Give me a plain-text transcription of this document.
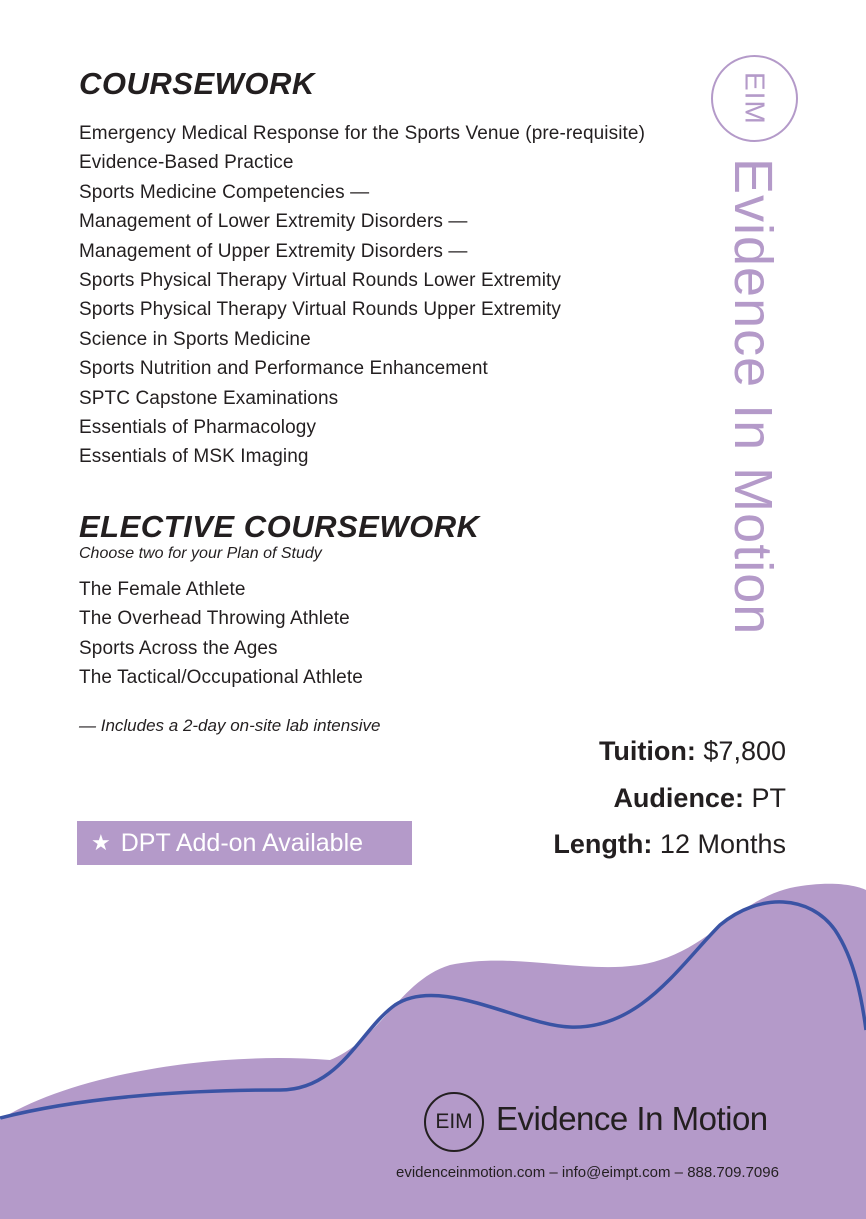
EIM
Evidence In Motion
COURSEWORK
Emergency Medical Response for the Sports Venue (pre-requisite)
Evidence-Based Practice
Sports Medicine Competencies —
Management of Lower Extremity Disorders —
Management of Upper Extremity Disorders —
Sports Physical Therapy Virtual Rounds Lower Extremity
Sports Physical Therapy Virtual Rounds Upper Extremity
Science in Sports Medicine
Sports Nutrition and Performance Enhancement
SPTC Capstone Examinations
Essentials of Pharmacology
Essentials of MSK Imaging
ELECTIVE COURSEWORK
Choose two for your Plan of Study
The Female Athlete
The Overhead Throwing Athlete
Sports Across the Ages
The Tactical/Occupational Athlete
— Includes a 2-day on-site lab intensive
Tuition: $7,800
Audience: PT
Length: 12 Months
★ DPT Add-on Available
EIM Evidence In Motion
evidenceinmotion.com – info@eimpt.com – 888.709.7096
